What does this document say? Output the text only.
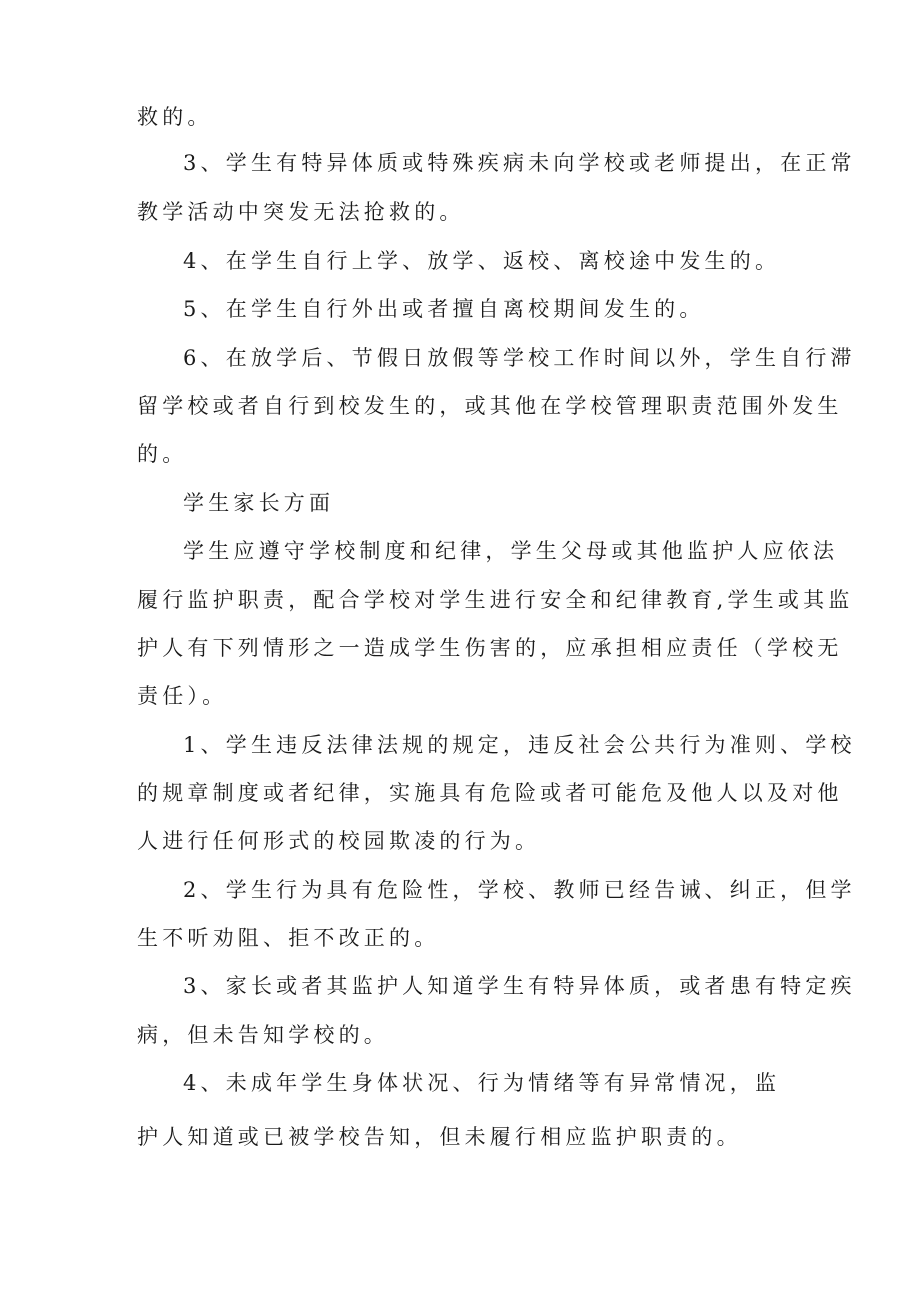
救的。
3、学生有特异体质或特殊疾病未向学校或老师提出，在正常
教学活动中突发无法抢救的。
4、在学生自行上学、放学、返校、离校途中发生的。
5、在学生自行外出或者擅自离校期间发生的。
6、在放学后、节假日放假等学校工作时间以外，学生自行滞
留学校或者自行到校发生的，或其他在学校管理职责范围外发生
的。
学生家长方面
学生应遵守学校制度和纪律，学生父母或其他监护人应依法
履行监护职责，配合学校对学生进行安全和纪律教育,学生或其监
护人有下列情形之一造成学生伤害的，应承担相应责任（学校无
责任）。
1、学生违反法律法规的规定，违反社会公共行为准则、学校
的规章制度或者纪律，实施具有危险或者可能危及他人以及对他
人进行任何形式的校园欺凌的行为。
2、学生行为具有危险性，学校、教师已经告诫、纠正，但学
生不听劝阻、拒不改正的。
3、家长或者其监护人知道学生有特异体质，或者患有特定疾
病，但未告知学校的。
4、未成年学生身体状况、行为情绪等有异常情况，监
护人知道或已被学校告知，但未履行相应监护职责的。
